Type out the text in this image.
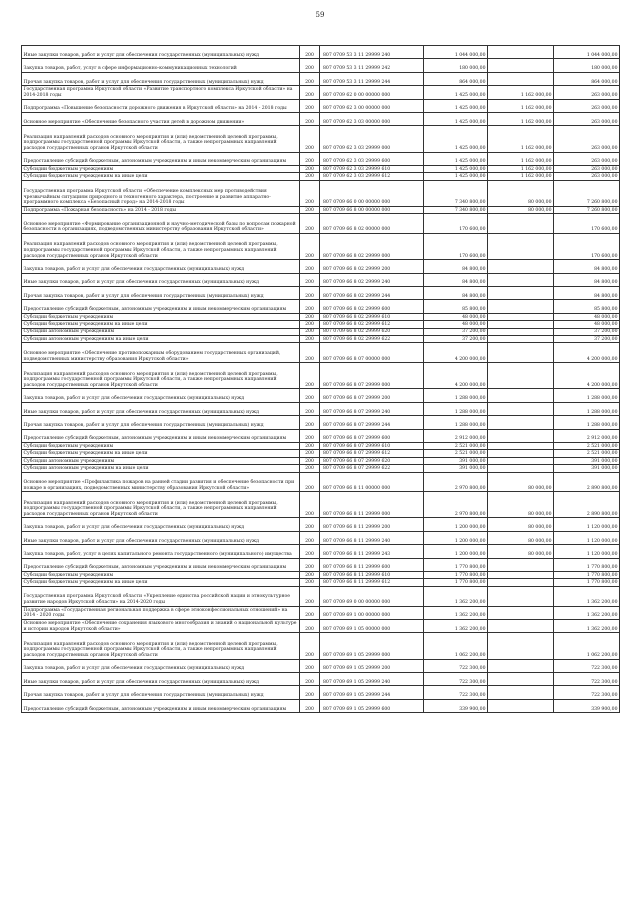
59
Иные закупки товаров, работ и услуг для обеспечения государственных (муниципальных) нужд	200	807 0709 53 3 11 29999 240	1 044 000,00		1 044 000,00
Закупка товаров, работ, услуг в сфере информационно-коммуникационных технологий	200	807 0709 53 3 11 29999 242	180 000,00		180 000,00
Прочая закупка товаров, работ и услуг для обеспечения государственных (муниципальных) нужд	200	807 0709 53 3 11 29999 244	864 000,00		864 000,00
Государственная программа Иркутской области «Развитие транспортного комплекса Иркутской области» на 2014-2018 годы	200	807 0709 62 0 00 00000 000	1 425 000,00	1 162 000,00	263 000,00
Подпрограмма «Повышение безопасности дорожного движения в Иркутской области» на 2014 - 2018 годы	200	807 0709 62 3 00 00000 000	1 425 000,00	1 162 000,00	263 000,00
Основное мероприятие «Обеспечение безопасного участия детей в дорожном движении»	200	807 0709 62 3 03 00000 000	1 425 000,00	1 162 000,00	263 000,00
Реализация направлений расходов основного мероприятия и (или) ведомственной целевой программы, подпрограммы государственной программы Иркутской области, а также непрограммных направлений расходов государственных органов Иркутской области	200	807 0709 62 3 03 29999 000	1 425 000,00	1 162 000,00	263 000,00
Предоставление субсидий бюджетным, автономным учреждениям и иным некоммерческим организациям	200	807 0709 62 3 03 29999 600	1 425 000,00	1 162 000,00	263 000,00
Субсидии бюджетным учреждениям	200	807 0709 62 3 03 29999 610	1 425 000,00	1 162 000,00	263 000,00
Субсидии бюджетным учреждениям на иные цели	200	807 0709 62 3 03 29999 612	1 425 000,00	1 162 000,00	263 000,00
Государственная программа Иркутской области «Обеспечение комплексных мер противодействия чрезвычайным ситуациям природного и техногенного характера, построение и развитие аппаратно-программного комплекса «Безопасный город» на 2014-2018 годы	200	807 0709 66 0 00 00000 000	7 340 800,00	80 000,00	7 260 800,00
Подпрограмма «Пожарная безопасность» на 2014 - 2018 годы	200	807 0709 66 8 00 00000 000	7 340 800,00	80 000,00	7 260 800,00
Основное мероприятие «Формирование организационной и научно-методической базы по вопросам пожарной безопасности в организациях, подведомственных министерству образования Иркутской области»	200	807 0709 66 8 02 00000 000	170 600,00		170 600,00
Реализация направлений расходов основного мероприятия и (или) ведомственной целевой программы, подпрограммы государственной программы Иркутской области, а также непрограммных направлений расходов государственных органов Иркутской области	200	807 0709 66 8 02 29999 000	170 600,00		170 600,00
Закупка товаров, работ и услуг для обеспечения государственных (муниципальных) нужд	200	807 0709 66 8 02 29999 200	84 800,00		84 800,00
Иные закупки товаров, работ и услуг для обеспечения государственных (муниципальных) нужд	200	807 0709 66 8 02 29999 240	84 800,00		84 800,00
Прочая закупка товаров, работ и услуг для обеспечения государственных (муниципальных) нужд	200	807 0709 66 8 02 29999 244	84 800,00		84 800,00
Предоставление субсидий бюджетным, автономным учреждениям и иным некоммерческим организациям	200	807 0709 66 8 02 29999 600	85 800,00		85 800,00
Субсидии бюджетным учреждениям	200	807 0709 66 8 02 29999 610	48 000,00		48 000,00
Субсидии бюджетным учреждениям на иные цели	200	807 0709 66 8 02 29999 612	48 000,00		48 000,00
Субсидии автономным учреждениям	200	807 0709 66 8 02 29999 620	37 200,00		37 200,00
Субсидии автономным учреждениям на иные цели	200	807 0709 66 8 02 29999 622	37 200,00		37 200,00
Основное мероприятие «Обеспечение противопожарным оборудованием государственных организаций, подведомственных министерству образования Иркутской области»	200	807 0709 66 8 07 00000 000	4 200 000,00		4 200 000,00
Реализация направлений расходов основного мероприятия и (или) ведомственной целевой программы, подпрограммы государственной программы Иркутской области, а также непрограммных направлений расходов государственных органов Иркутской области	200	807 0709 66 8 07 29999 000	4 200 000,00		4 200 000,00
Закупка товаров, работ и услуг для обеспечения государственных (муниципальных) нужд	200	807 0709 66 8 07 29999 200	1 288 000,00		1 288 000,00
Иные закупки товаров, работ и услуг для обеспечения государственных (муниципальных) нужд	200	807 0709 66 8 07 29999 240	1 288 000,00		1 288 000,00
Прочая закупка товаров, работ и услуг для обеспечения государственных (муниципальных) нужд	200	807 0709 66 8 07 29999 244	1 288 000,00		1 288 000,00
Предоставление субсидий бюджетным, автономным учреждениям и иным некоммерческим организациям	200	807 0709 66 8 07 29999 600	2 912 000,00		2 912 000,00
Субсидии бюджетным учреждениям	200	807 0709 66 8 07 29999 610	2 521 000,00		2 521 000,00
Субсидии бюджетным учреждениям на иные цели	200	807 0709 66 8 07 29999 612	2 521 000,00		2 521 000,00
Субсидии автономным учреждениям	200	807 0709 66 8 07 29999 620	391 000,00		391 000,00
Субсидии автономным учреждениям на иные цели	200	807 0709 66 8 07 29999 622	391 000,00		391 000,00
Основное мероприятие «Профилактика пожаров на ранней стадии развития и обеспечение безопасности при пожаре в организациях, подведомственных министерству образования Иркутской области»	200	807 0709 66 8 11 00000 000	2 970 800,00	80 000,00	2 890 800,00
Реализация направлений расходов основного мероприятия и (или) ведомственной целевой программы, подпрограммы государственной программы Иркутской области, а также непрограммных направлений расходов государственных органов Иркутской области	200	807 0709 66 8 11 29999 000	2 970 800,00	80 000,00	2 890 800,00
Закупка товаров, работ и услуг для обеспечения государственных (муниципальных) нужд	200	807 0709 66 8 11 29999 200	1 200 000,00	80 000,00	1 120 000,00
Иные закупки товаров, работ и услуг для обеспечения государственных (муниципальных) нужд	200	807 0709 66 8 11 29999 240	1 200 000,00	80 000,00	1 120 000,00
Закупка товаров, работ, услуг в целях капитального ремонта государственного (муниципального) имущества	200	807 0709 66 8 11 29999 243	1 200 000,00	80 000,00	1 120 000,00
Предоставление субсидий бюджетным, автономным учреждениям и иным некоммерческим организациям	200	807 0709 66 8 11 29999 600	1 770 800,00		1 770 800,00
Субсидии бюджетным учреждениям	200	807 0709 66 8 11 29999 610	1 770 800,00		1 770 800,00
Субсидии бюджетным учреждениям на иные цели	200	807 0709 66 8 11 29999 612	1 770 800,00		1 770 800,00
Государственная программа Иркутской области «Укрепление единства российской нации и этнокультурное развитие народов Иркутской области» на 2014-2020 годы	200	807 0709 69 0 00 00000 000	1 362 200,00		1 362 200,00
Подпрограмма «Государственная региональная поддержка в сфере этноконфессиональных отношений» на 2014 - 2020 годы	200	807 0709 69 1 00 00000 000	1 362 200,00		1 362 200,00
Основное мероприятие «Обеспечение сохранения языкового многообразия и знаний о национальной культуре и истории народов Иркутской области»	200	807 0709 69 1 05 00000 000	1 362 200,00		1 362 200,00
Реализация направлений расходов основного мероприятия и (или) ведомственной целевой программы, подпрограммы государственной программы Иркутской области, а также непрограммных направлений расходов государственных органов Иркутской области	200	807 0709 69 1 05 29999 000	1 062 200,00		1 062 200,00
Закупка товаров, работ и услуг для обеспечения государственных (муниципальных) нужд	200	807 0709 69 1 05 29999 200	722 300,00		722 300,00
Иные закупки товаров, работ и услуг для обеспечения государственных (муниципальных) нужд	200	807 0709 69 1 05 29999 240	722 300,00		722 300,00
Прочая закупка товаров, работ и услуг для обеспечения государственных (муниципальных) нужд	200	807 0709 69 1 05 29999 244	722 300,00		722 300,00
Предоставление субсидий бюджетным, автономным учреждениям и иным некоммерческим организациям	200	807 0709 69 1 05 29999 600	339 900,00		339 900,00
